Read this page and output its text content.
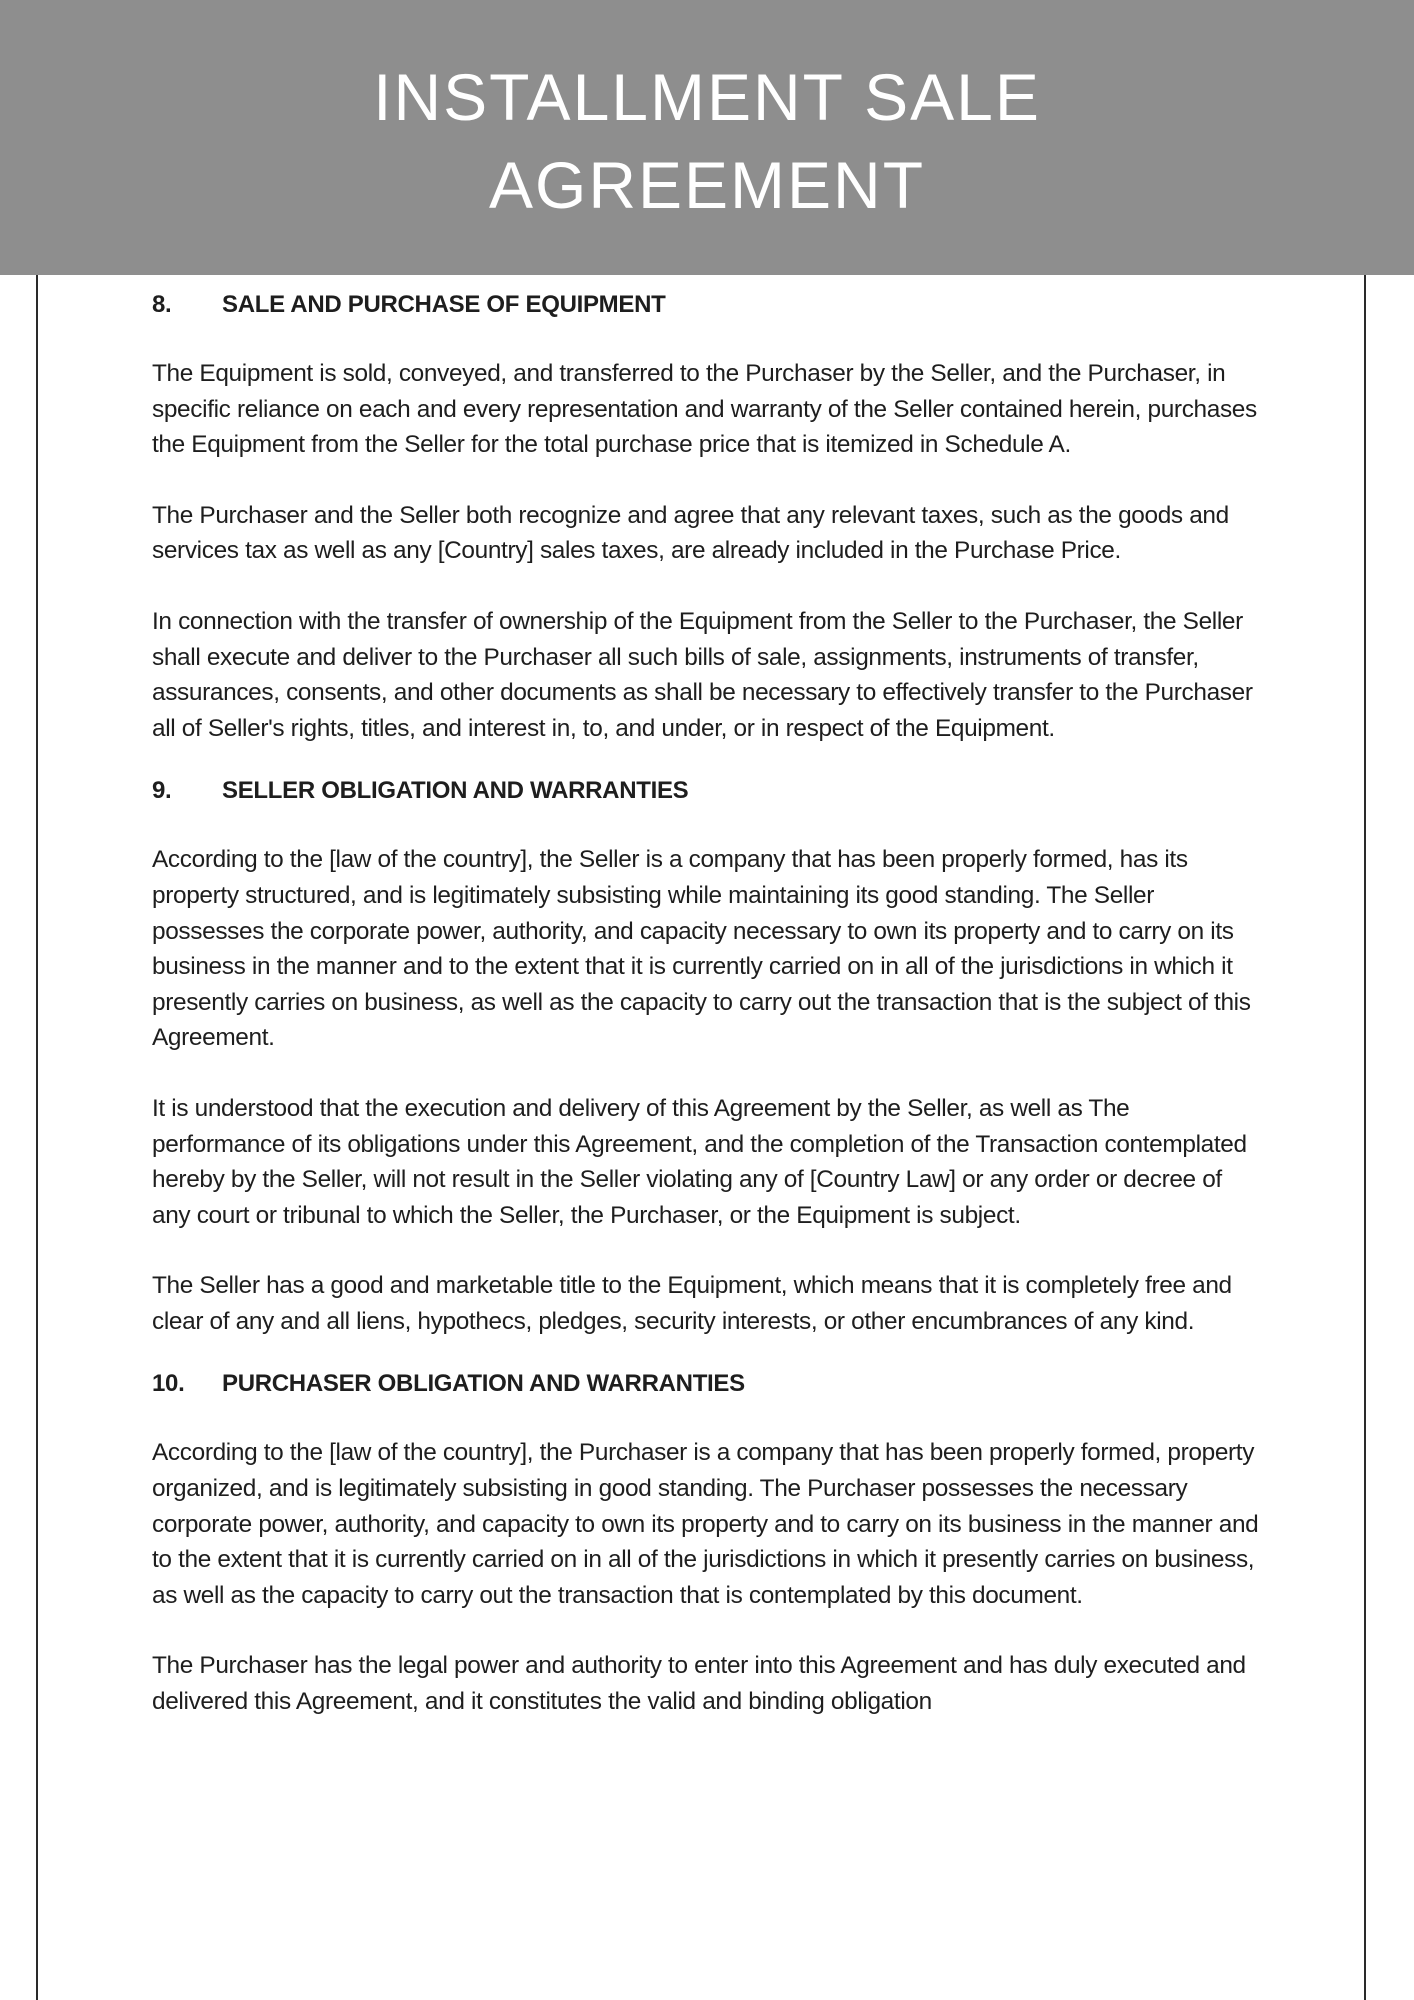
INSTALLMENT SALE AGREEMENT
8.	SALE AND PURCHASE OF EQUIPMENT

The Equipment is sold, conveyed, and transferred to the Purchaser by the Seller, and the Purchaser, in specific reliance on each and every representation and warranty of the Seller contained herein, purchases the Equipment from the Seller for the total purchase price that is itemized in Schedule A.

The Purchaser and the Seller both recognize and agree that any relevant taxes, such as the goods and services tax as well as any [Country] sales taxes, are already included in the Purchase Price.

In connection with the transfer of ownership of the Equipment from the Seller to the Purchaser, the Seller shall execute and deliver to the Purchaser all such bills of sale, assignments, instruments of transfer, assurances, consents, and other documents as shall be necessary to effectively transfer to the Purchaser all of Seller's rights, titles, and interest in, to, and under, or in respect of the Equipment.

9.	SELLER OBLIGATION AND WARRANTIES

According to the [law of the country], the Seller is a company that has been properly formed, has its property structured, and is legitimately subsisting while maintaining its good standing. The Seller possesses the corporate power, authority, and capacity necessary to own its property and to carry on its business in the manner and to the extent that it is currently carried on in all of the jurisdictions in which it presently carries on business, as well as the capacity to carry out the transaction that is the subject of this Agreement.

It is understood that the execution and delivery of this Agreement by the Seller, as well as The performance of its obligations under this Agreement, and the completion of the Transaction contemplated hereby by the Seller, will not result in the Seller violating any of [Country Law] or any order or decree of any court or tribunal to which the Seller, the Purchaser, or the Equipment is subject.

The Seller has a good and marketable title to the Equipment, which means that it is completely free and clear of any and all liens, hypothecs, pledges, security interests, or other encumbrances of any kind.

10.	PURCHASER OBLIGATION AND WARRANTIES

According to the [law of the country], the Purchaser is a company that has been properly formed, property organized, and is legitimately subsisting in good standing. The Purchaser possesses the necessary corporate power, authority, and capacity to own its property and to carry on its business in the manner and to the extent that it is currently carried on in all of the jurisdictions in which it presently carries on business, as well as the capacity to carry out the transaction that is contemplated by this document.

The Purchaser has the legal power and authority to enter into this Agreement and has duly executed and delivered this Agreement, and it constitutes the valid and binding obligation
